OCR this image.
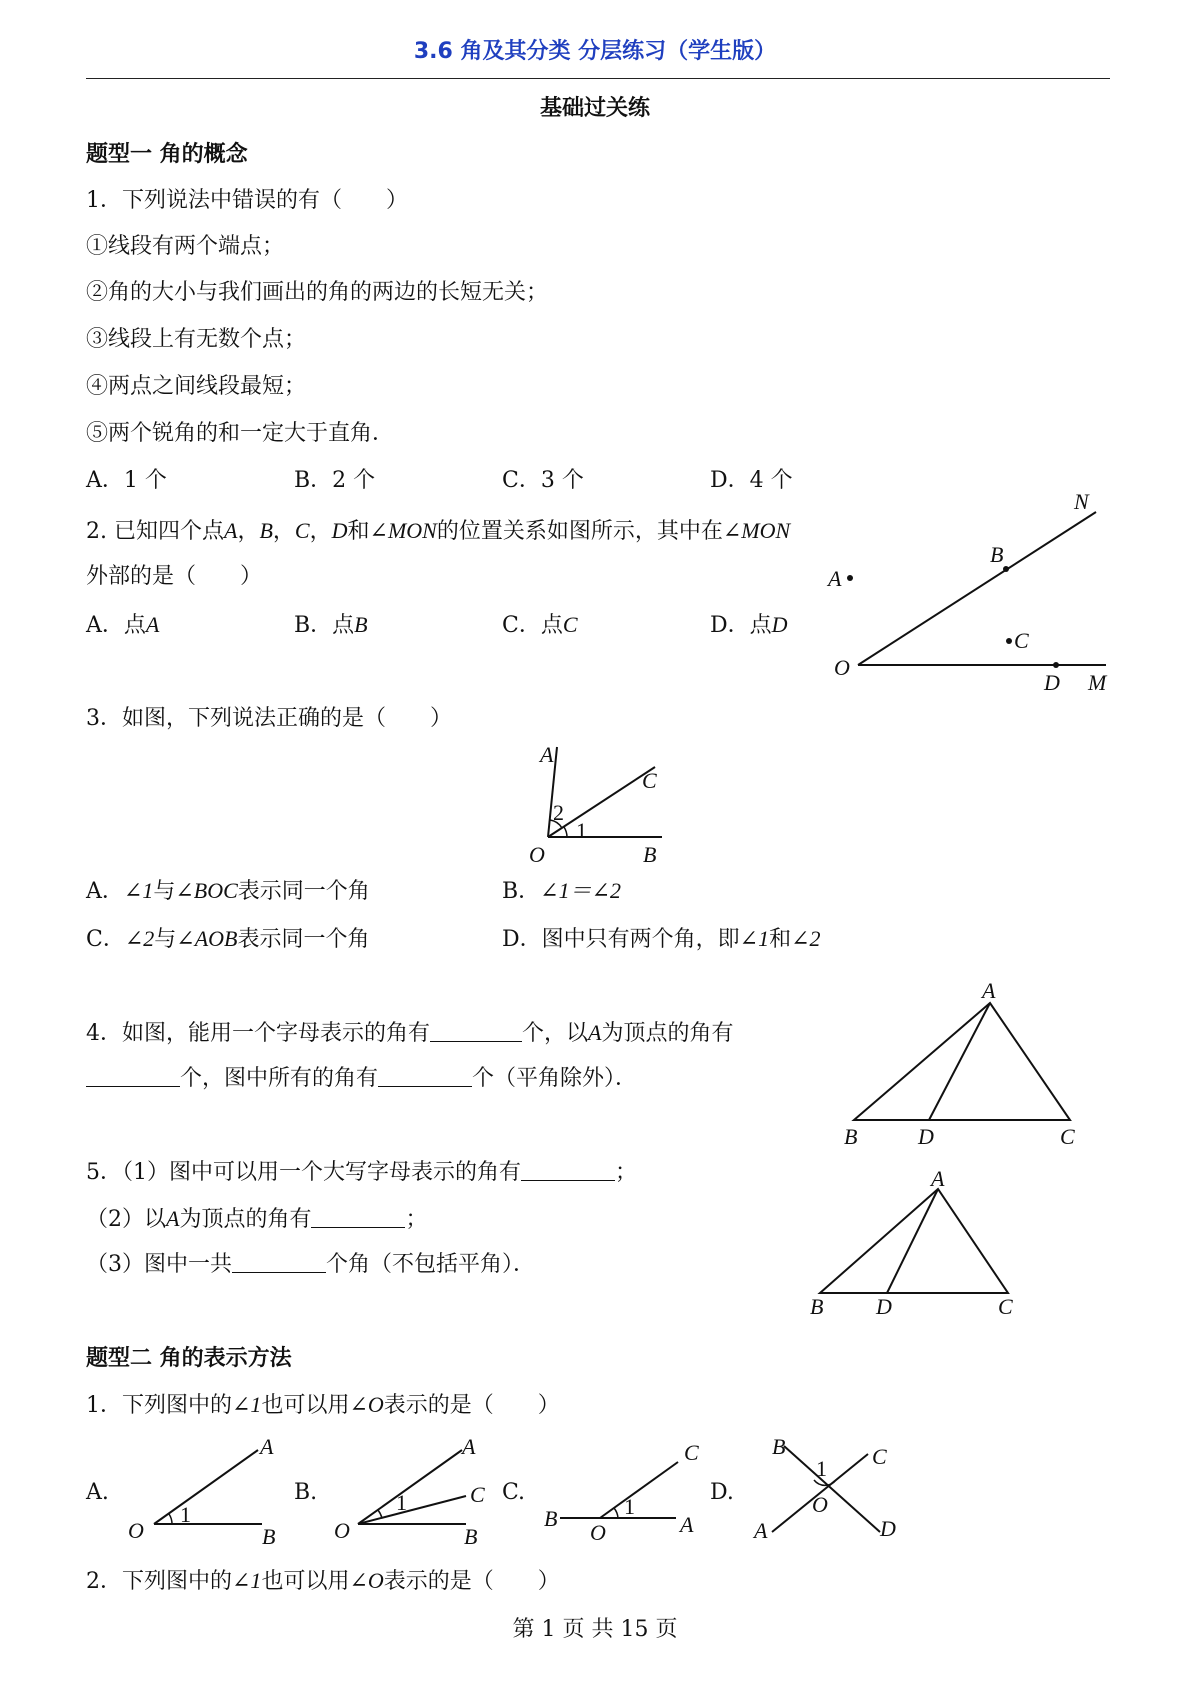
3.6 角及其分类 分层练习（学生版）
基础过关练
题型一 角的概念
1．下列说法中错误的有（　　）
①线段有两个端点；
②角的大小与我们画出的角的两边的长短无关；
③线段上有无数个点；
④两点之间线段最短；
⑤两个锐角的和一定大于直角．
A．1 个	B．2 个	C．3 个	D．4 个
2. 已知四个点A，B，C，D和∠MON的位置关系如图所示，其中在∠MON
外部的是（　　）
A．点A	B．点B	C．点C	D．点D
N
B
A
C
O
D M
3．如图，下列说法正确的是（　　）
A
C
O	B
1
2
A．∠1与∠BOC表示同一个角	B．∠1＝∠2
C．∠2与∠AOB表示同一个角	D．图中只有两个角，即∠1和∠2
4．如图，能用一个字母表示的角有	个，以A为顶点的角有
个，图中所有的角有	个（平角除外）．
A
B	D	C
5．（1）图中可以用一个大写字母表示的角有	；
（2）以A为顶点的角有	；
（3）图中一共	个角（不包括平角）．
A
B D	C
题型二 角的表示方法
1．下列图中的∠1也可以用∠O表示的是（　　）
A.	B.	C.	D.
A
O	B
1
A
C
O	B
1
C
B
O	A
1
B	C
O
A	D
1
2．下列图中的∠1也可以用∠O表示的是（　　）
第 1 页 共 15 页
